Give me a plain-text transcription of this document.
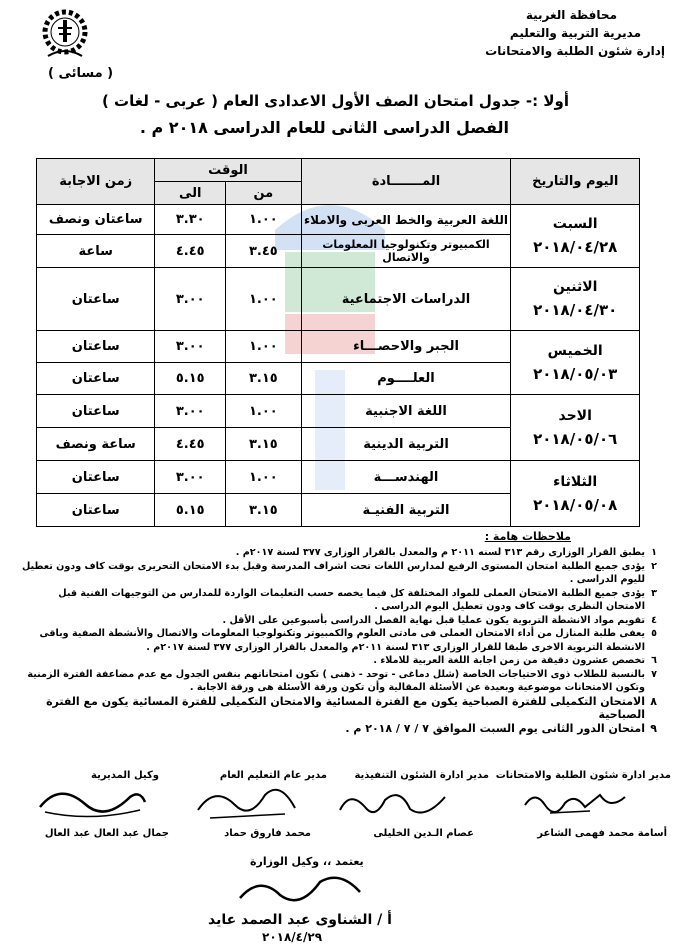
محافظة الغربية
مديرية التربية والتعليم
إدارة شئون الطلبة والامتحانات
( مسائى )
أولا :- جدول امتحان الصف الأول الاعدادى العام ( عربى - لغات )
الفصل الدراسى الثانى للعام الدراسى ٢٠١٨ م .
اليوم والتاريخ	المـــــــادة	الوقت		زمن الاجابة
		من	الى	

السبت
٢٠١٨/٠٤/٢٨	اللغة العربية والخط العربى والاملاء	١.٠٠	٣.٣٠	ساعتان ونصف
	الكمبيوتر وتكنولوجيا المعلومات والاتصال	٣.٤٥	٤.٤٥	ساعة

الاثنين
٢٠١٨/٠٤/٣٠	الدراسات الاجتماعية	١.٠٠	٣.٠٠	ساعتان

الخميس
٢٠١٨/٠٥/٠٣	الجبر والاحصـــاء	١.٠٠	٣.٠٠	ساعتان
	العلــــوم	٣.١٥	٥.١٥	ساعتان

الاحد
٢٠١٨/٠٥/٠٦	اللغة الاجنبية	١.٠٠	٣.٠٠	ساعتان
	التربية الدينية	٣.١٥	٤.٤٥	ساعة ونصف

الثلاثاء
٢٠١٨/٠٥/٠٨	الهندســـة	١.٠٠	٣.٠٠	ساعتان
	التربية الفنيـة	٣.١٥	٥.١٥	ساعتان
ملاحظات هامة :
١
يطبق القرار الوزارى رقم ٣١٣ لسنه ٢٠١١ م والمعدل بالقرار الوزارى ٣٧٧ لسنة ٢٠١٧م .
٢
يؤدى جميع الطلبة امتحان المستوى الرفيع لمدارس اللغات تحت اشراف المدرسة وقبل بدء الامتحان التحريرى بوقت كاف ودون تعطيل لليوم الدراسى .
٣
يؤدى جميع الطلبة الامتحان العملى للمواد المختلفة كل فيما يخصه حسب التعليمات الواردة للمدارس من التوجيهات الفنية قبل الامتحان النظرى بوقت كاف ودون تعطيل اليوم الدراسى .
٤
تقويم مواد الانشطة التربوية يكون عمليا قبل نهاية الفصل الدراسى بأسبوعين على الأقل .
٥
يعفى طلبة المنازل من أداء الامتحان العملى فى مادتى العلوم والكمبيوتر وتكنولوجيا المعلومات والاتصال والأنشطة الصفية وباقى الانشطة التربوية الاخرى طبقا للقرار الوزارى ٣١٣ لسنة ٢٠١١م والمعدل بالقرار الوزارى ٣٧٧ لسنة ٢٠١٧م .
٦
تخصص عشرون دقيقة من زمن اجابة اللغة العربية للاملاء .
٧
بالنسبة للطلاب ذوى الاحتياجات الخاصة (شلل دماغى - توحد - ذهنى ) تكون امتحاناتهم بنفس الجدول مع عدم مضاعفة الفترة الزمنية وتكون الامتحانات موضوعية وبعيدة عن الأسئلة المقالية وأن تكون ورقة الأسئلة هى ورقة الاجابة .
٨
الامتحان التكميلى للفترة الصباحية يكون مع الفترة المسائية والامتحان التكميلى للفترة المسائية يكون مع الفترة الصباحية
٩
امتحان الدور الثانى يوم السبت الموافق ٧ / ٧ / ٢٠١٨ م .
مدير ادارة شئون الطلبة والامتحانات
مدير ادارة الشئون التنفيذية
مدير عام التعليم العام
وكيل المديرية
أسامة محمد فهمى الشاعر
عصام الـدين الخليلى
محمد فاروق حماد
جمال عبد العال عبد العال
يعتمد ،، وكيل الوزارة
أ / الشناوى عبد الصمد عايد
٢٠١٨/٤/٢٩
